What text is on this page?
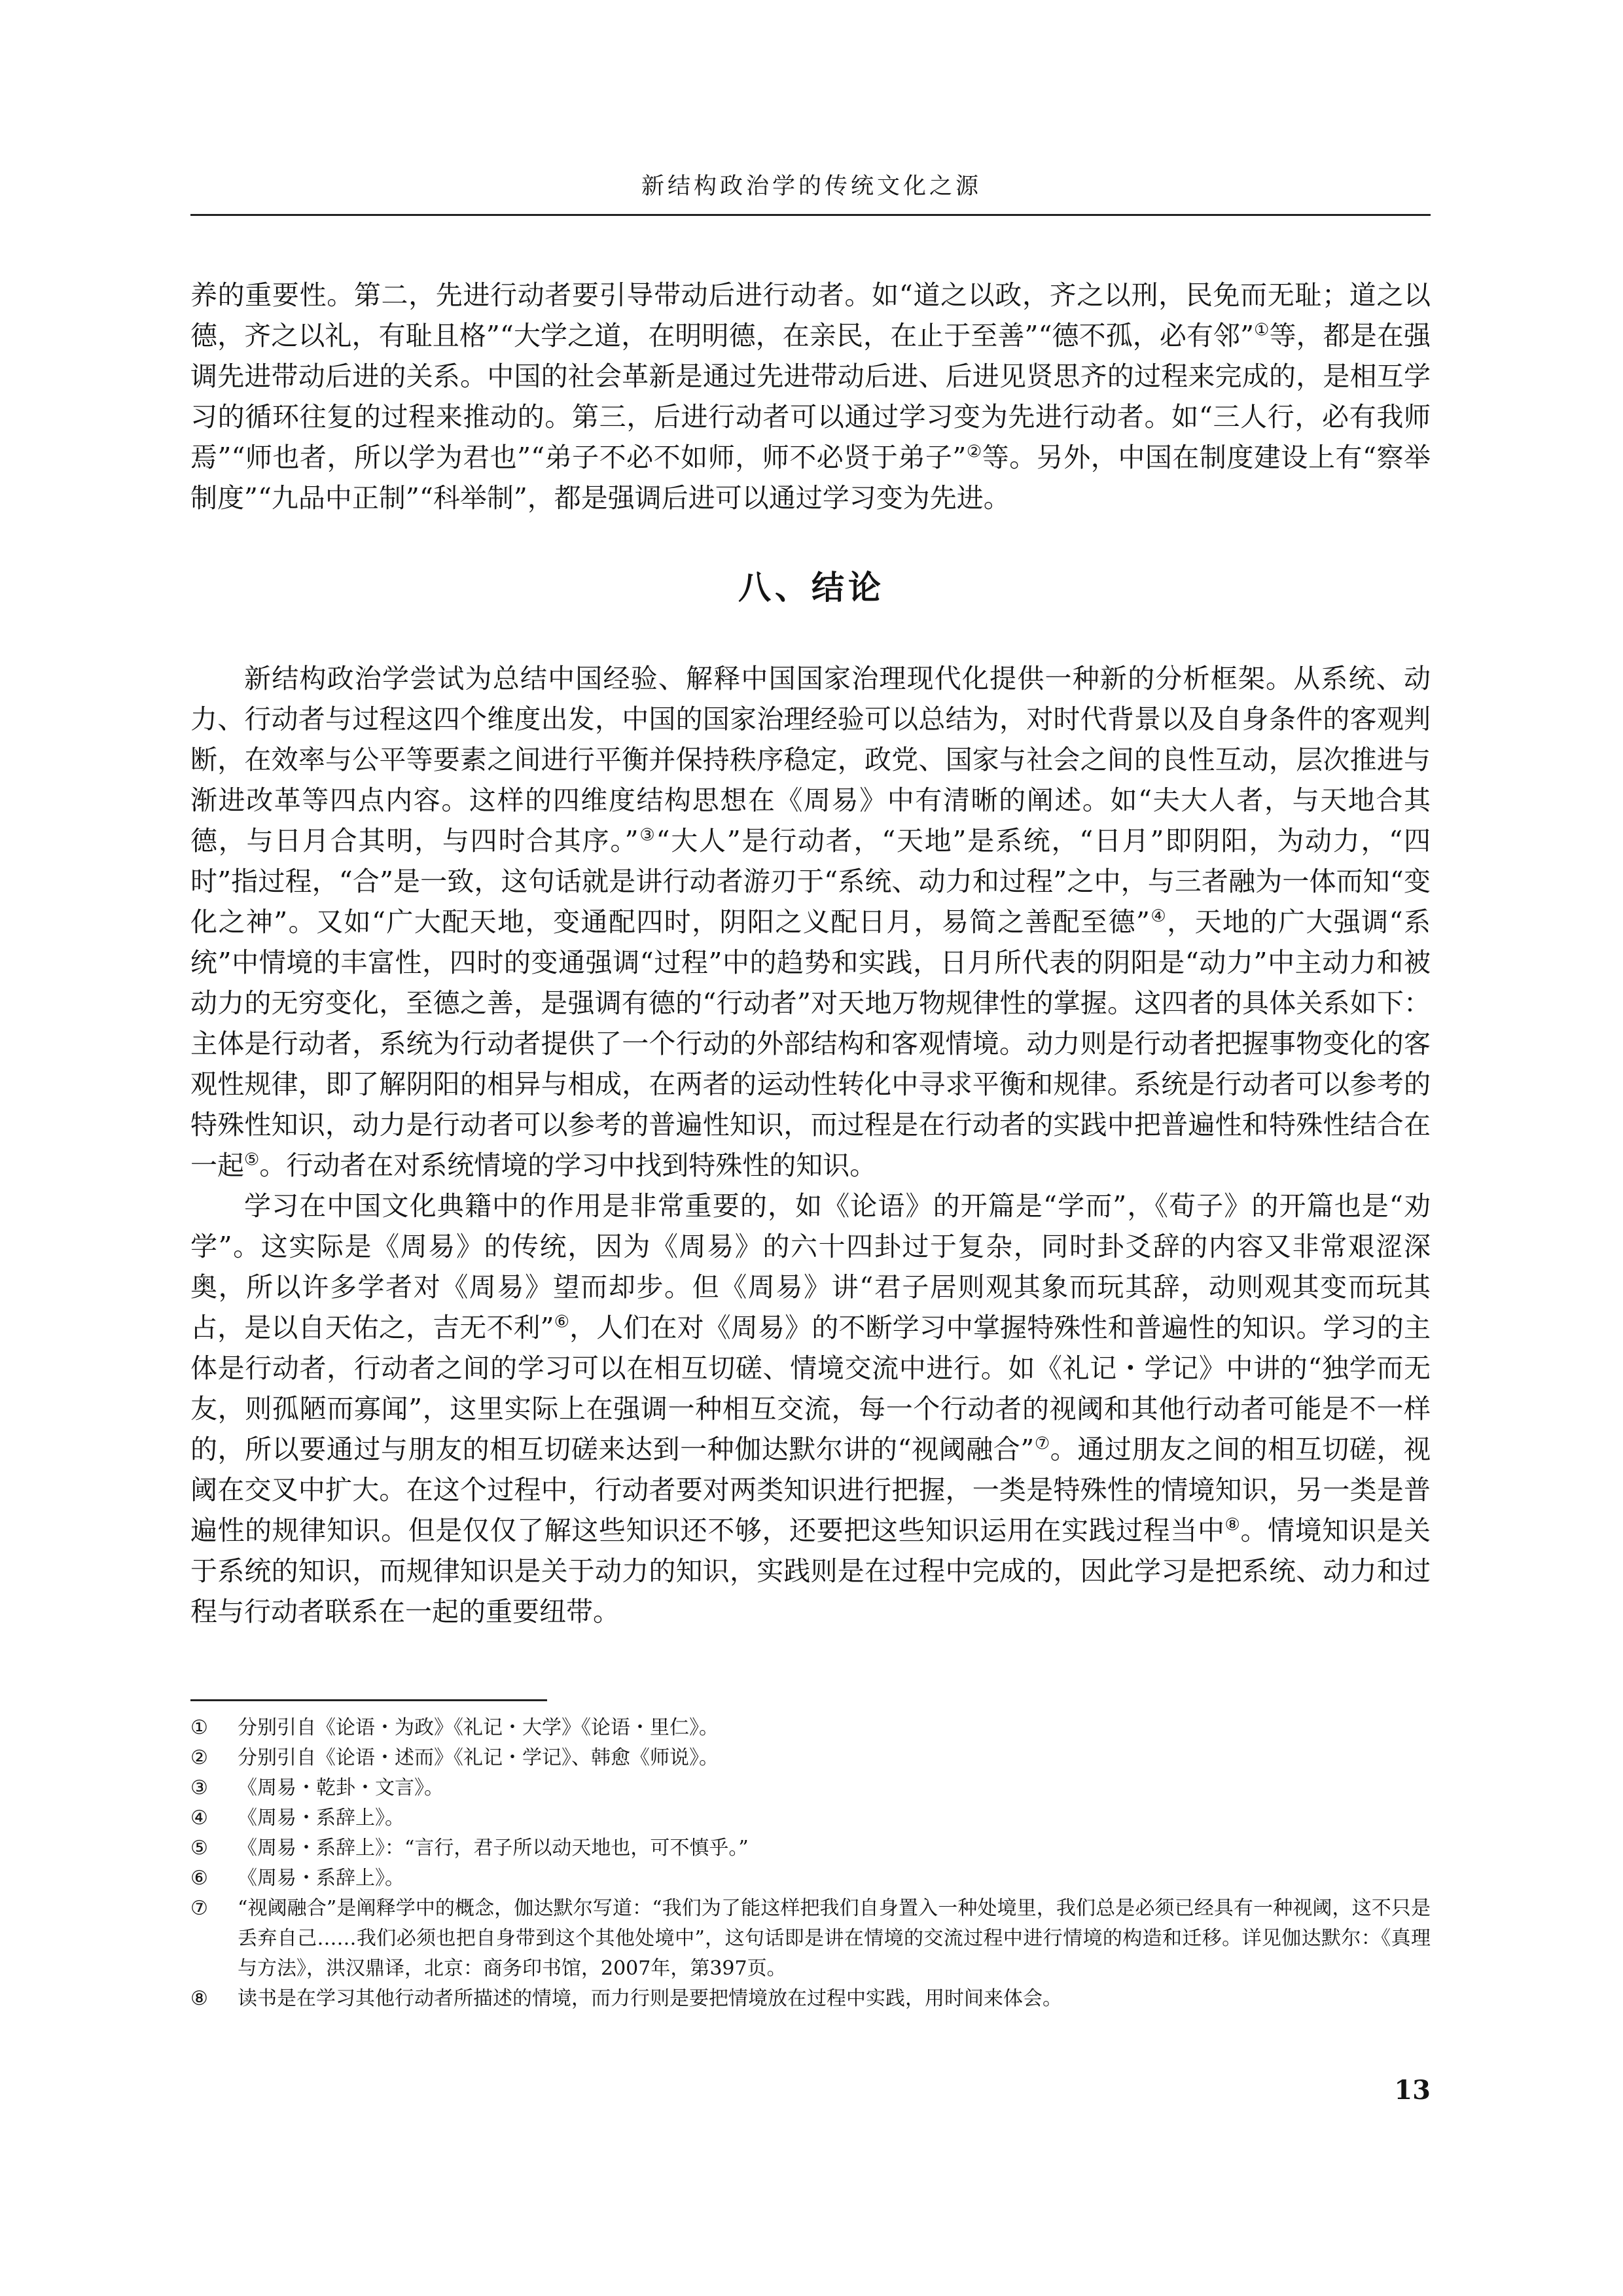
新结构政治学的传统文化之源

养的重要性。第二，先进行动者要引导带动后进行动者。如“道之以政，齐之以刑，民免而无耻；道之以德，齐之以礼，有耻且格”“大学之道，在明明德，在亲民，在止于至善”“德不孤，必有邻”①等，都是在强调先进带动后进的关系。中国的社会革新是通过先进带动后进、后进见贤思齐的过程来完成的，是相互学习的循环往复的过程来推动的。第三，后进行动者可以通过学习变为先进行动者。如“三人行，必有我师焉”“师也者，所以学为君也”“弟子不必不如师，师不必贤于弟子”②等。另外，中国在制度建设上有“察举制度”“九品中正制”“科举制”，都是强调后进可以通过学习变为先进。

八、结论

新结构政治学尝试为总结中国经验、解释中国国家治理现代化提供一种新的分析框架。从系统、动力、行动者与过程这四个维度出发，中国的国家治理经验可以总结为，对时代背景以及自身条件的客观判断，在效率与公平等要素之间进行平衡并保持秩序稳定，政党、国家与社会之间的良性互动，层次推进与渐进改革等四点内容。这样的四维度结构思想在《周易》中有清晰的阐述。如“夫大人者，与天地合其德，与日月合其明，与四时合其序。”③“大人”是行动者，“天地”是系统，“日月”即阴阳，为动力，“四时”指过程，“合”是一致，这句话就是讲行动者游刃于“系统、动力和过程”之中，与三者融为一体而知“变化之神”。又如“广大配天地，变通配四时，阴阳之义配日月，易简之善配至德”④，天地的广大强调“系统”中情境的丰富性，四时的变通强调“过程”中的趋势和实践，日月所代表的阴阳是“动力”中主动力和被动力的无穷变化，至德之善，是强调有德的“行动者”对天地万物规律性的掌握。这四者的具体关系如下：主体是行动者，系统为行动者提供了一个行动的外部结构和客观情境。动力则是行动者把握事物变化的客观性规律，即了解阴阳的相异与相成，在两者的运动性转化中寻求平衡和规律。系统是行动者可以参考的特殊性知识，动力是行动者可以参考的普遍性知识，而过程是在行动者的实践中把普遍性和特殊性结合在一起⑤。行动者在对系统情境的学习中找到特殊性的知识。

学习在中国文化典籍中的作用是非常重要的，如《论语》的开篇是“学而”，《荀子》的开篇也是“劝学”。这实际是《周易》的传统，因为《周易》的六十四卦过于复杂，同时卦爻辞的内容又非常艰涩深奥，所以许多学者对《周易》望而却步。但《周易》讲“君子居则观其象而玩其辞，动则观其变而玩其占，是以自天佑之，吉无不利”⑥，人们在对《周易》的不断学习中掌握特殊性和普遍性的知识。学习的主体是行动者，行动者之间的学习可以在相互切磋、情境交流中进行。如《礼记・学记》中讲的“独学而无友，则孤陋而寡闻”，这里实际上在强调一种相互交流，每一个行动者的视阈和其他行动者可能是不一样的，所以要通过与朋友的相互切磋来达到一种伽达默尔讲的“视阈融合”⑦。通过朋友之间的相互切磋，视阈在交叉中扩大。在这个过程中，行动者要对两类知识进行把握，一类是特殊性的情境知识，另一类是普遍性的规律知识。但是仅仅了解这些知识还不够，还要把这些知识运用在实践过程当中⑧。情境知识是关于系统的知识，而规律知识是关于动力的知识，实践则是在过程中完成的，因此学习是把系统、动力和过程与行动者联系在一起的重要纽带。

①	分别引自《论语・为政》《礼记・大学》《论语・里仁》。
②	分别引自《论语・述而》《礼记・学记》、韩愈《师说》。
③	《周易・乾卦・文言》。
④	《周易・系辞上》。
⑤	《周易・系辞上》：“言行，君子所以动天地也，可不慎乎。”
⑥	《周易・系辞上》。
⑦	“视阈融合”是阐释学中的概念，伽达默尔写道：“我们为了能这样把我们自身置入一种处境里，我们总是必须已经具有一种视阈，这不只是丢弃自己……我们必须也把自身带到这个其他处境中”，这句话即是讲在情境的交流过程中进行情境的构造和迁移。详见伽达默尔：《真理与方法》，洪汉鼎译，北京：商务印书馆，2007年，第397页。
⑧	读书是在学习其他行动者所描述的情境，而力行则是要把情境放在过程中实践，用时间来体会。
13
